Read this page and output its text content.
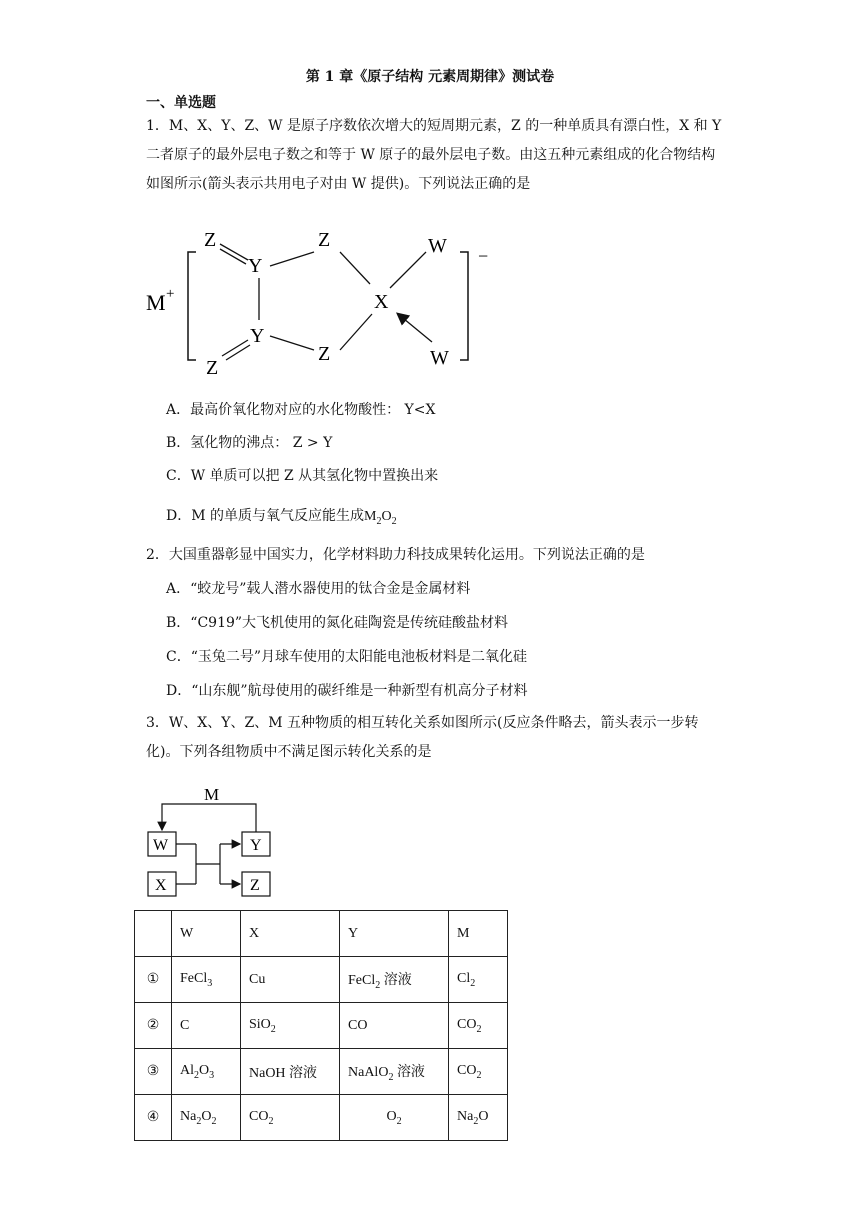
第 1 章《原子结构 元素周期律》测试卷
一、单选题
1．M、X、Y、Z、W 是原子序数依次增大的短周期元素，Z 的一种单质具有漂白性，X 和 Y 二者原子的最外层电子数之和等于 W 原子的最外层电子数。由这五种元素组成的化合物结构如图所示(箭头表示共用电子对由 W 提供)。下列说法正确的是
M +
−
Z
Y
Z	W
X
Y
Z
Z	W
A．最高价氧化物对应的水化物酸性： Y<X
B．氢化物的沸点： Z > Y
C．W 单质可以把 Z 从其氢化物中置换出来
D．M 的单质与氧气反应能生成$M_2O_2$
2．大国重器彰显中国实力，化学材料助力科技成果转化运用。下列说法正确的是
A．“蛟龙号”载人潜水器使用的钛合金是金属材料
B．“C919”大飞机使用的氮化硅陶瓷是传统硅酸盐材料
C．“玉兔二号”月球车使用的太阳能电池板材料是二氧化硅
D．“山东舰”航母使用的碳纤维是一种新型有机高分子材料
3．W、X、Y、Z、M 五种物质的相互转化关系如图所示(反应条件略去，箭头表示一步转化)。下列各组物质中不满足图示转化关系的是
M
W	Y
X	Z
	W	X	Y	M
①	FeCl$_3$	Cu	FeCl$_2$ 溶液	$Cl_2$
②	C	SiO$_2$	CO	$CO_2$
③	$Al_2O_3$	NaOH 溶液	NaAlO$_2$ 溶液	$CO_2$
④	$Na_2O_2$	$CO_2$	$O_2$	$Na_2O$
